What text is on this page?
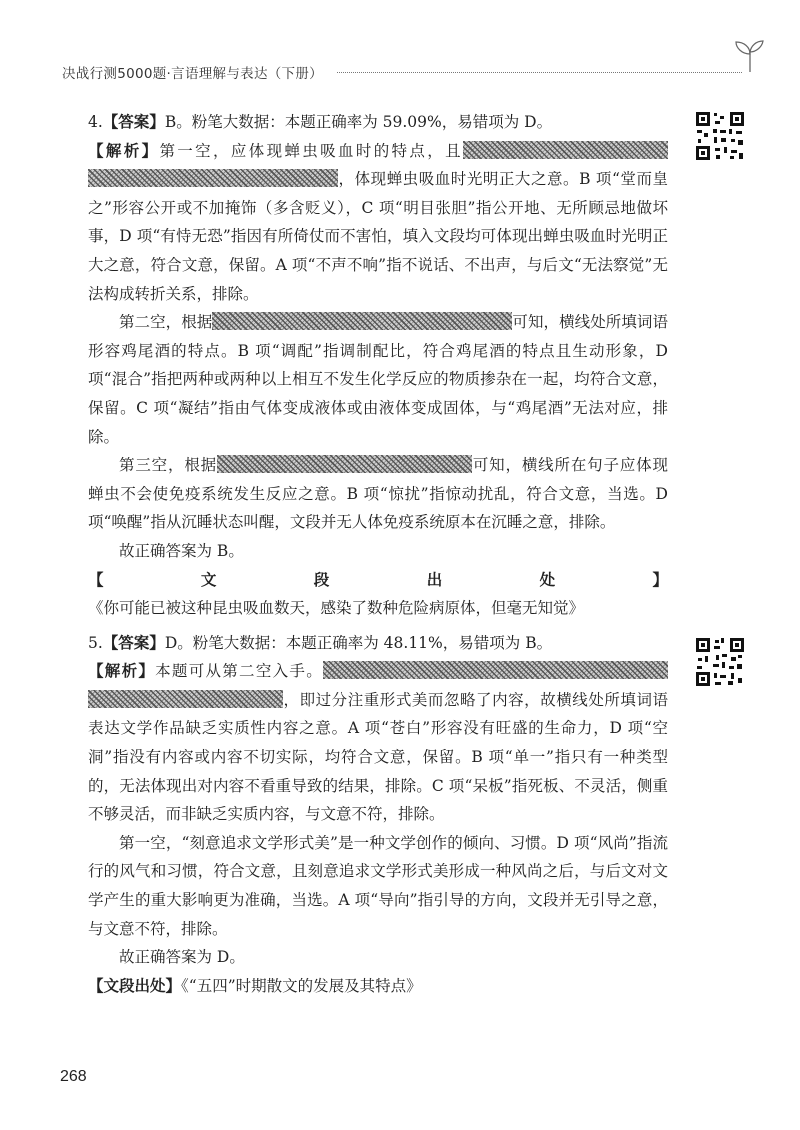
决战行测5000题·言语理解与表达（下册）

4.【答案】B。粉笔大数据：本题正确率为 59.09%，易错项为 D。

【解析】第一空，应体现蝉虫吸血时的特点，且，体现蝉虫吸血时光明正大之意。B 项“堂而皇之”形容公开或不加掩饰（多含贬义），C 项“明目张胆”指公开地、无所顾忌地做坏事，D 项“有恃无恐”指因有所倚仗而不害怕，填入文段均可体现出蝉虫吸血时光明正大之意，符合文意，保留。A 项“不声不响”指不说话、不出声，与后文“无法察觉”无法构成转折关系，排除。

第二空，根据	可知，横线处所填词语形容鸡尾酒的特点。B 项“调配”指调制配比，符合鸡尾酒的特点且生动形象，D 项“混合”指把两种或两种以上相互不发生化学反应的物质掺杂在一起，均符合文意，保留。C 项“凝结”指由气体变成液体或由液体变成固体，与“鸡尾酒”无法对应，排除。

第三空，根据	可知，横线所在句子应体现蝉虫不会使免疫系统发生反应之意。B 项“惊扰”指惊动扰乱，符合文意，当选。D 项“唤醒”指从沉睡状态叫醒，文段并无人体免疫系统原本在沉睡之意，排除。

故正确答案为 B。

【文段出处】《你可能已被这种昆虫吸血数天，感染了数种危险病原体，但毫无知觉》

5.【答案】D。粉笔大数据：本题正确率为 48.11%，易错项为 B。

【解析】本题可从第二空入手。，即过分注重形式美而忽略了内容，故横线处所填词语表达文学作品缺乏实质性内容之意。A 项“苍白”形容没有旺盛的生命力，D 项“空洞”指没有内容或内容不切实际，均符合文意，保留。B 项“单一”指只有一种类型的，无法体现出对内容不看重导致的结果，排除。C 项“呆板”指死板、不灵活，侧重不够灵活，而非缺乏实质内容，与文意不符，排除。

第一空，“刻意追求文学形式美”是一种文学创作的倾向、习惯。D 项“风尚”指流行的风气和习惯，符合文意，且刻意追求文学形式美形成一种风尚之后，与后文对文学产生的重大影响更为准确，当选。A 项“导向”指引导的方向，文段并无引导之意，与文意不符，排除。

故正确答案为 D。

【文段出处】《“五四”时期散文的发展及其特点》

268
